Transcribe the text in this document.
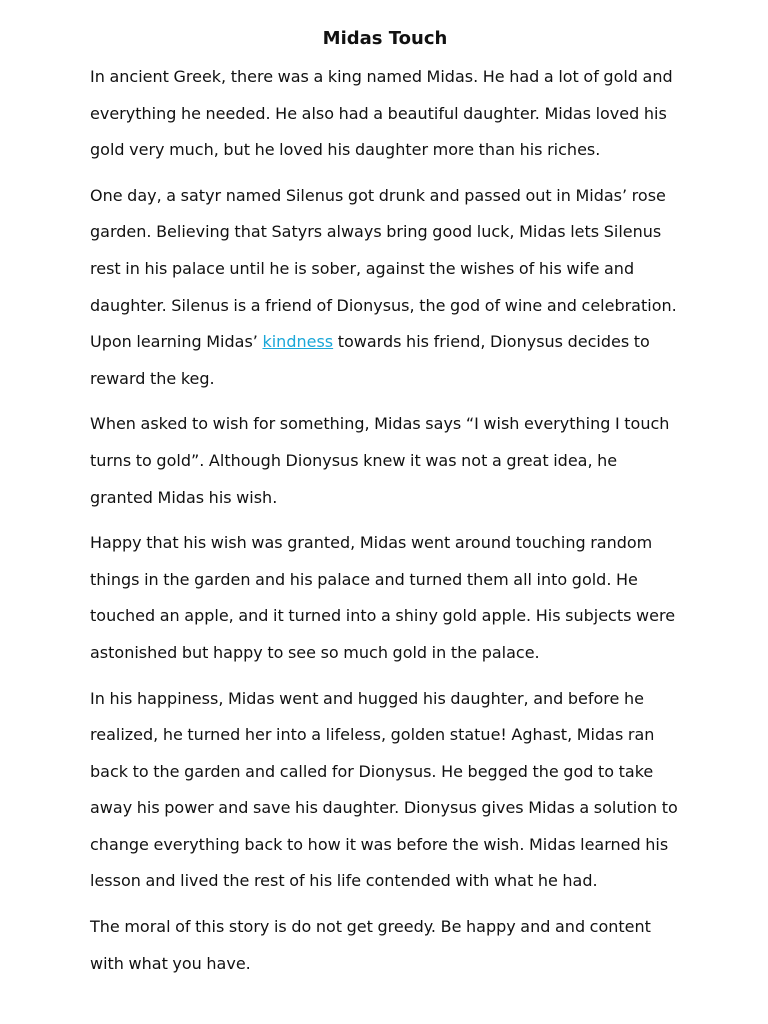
Midas Touch

In ancient Greek, there was a king named Midas. He had a lot of gold and everything he needed. He also had a beautiful daughter. Midas loved his gold very much, but he loved his daughter more than his riches.

One day, a satyr named Silenus got drunk and passed out in Midas’ rose garden. Believing that Satyrs always bring good luck, Midas lets Silenus rest in his palace until he is sober, against the wishes of his wife and daughter. Silenus is a friend of Dionysus, the god of wine and celebration. Upon learning Midas’ kindness towards his friend, Dionysus decides to reward the keg.

When asked to wish for something, Midas says “I wish everything I touch turns to gold”. Although Dionysus knew it was not a great idea, he granted Midas his wish.

Happy that his wish was granted, Midas went around touching random things in the garden and his palace and turned them all into gold. He touched an apple, and it turned into a shiny gold apple. His subjects were astonished but happy to see so much gold in the palace.

In his happiness, Midas went and hugged his daughter, and before he realized, he turned her into a lifeless, golden statue! Aghast, Midas ran back to the garden and called for Dionysus. He begged the god to take away his power and save his daughter. Dionysus gives Midas a solution to change everything back to how it was before the wish. Midas learned his lesson and lived the rest of his life contended with what he had.

The moral of this story is do not get greedy. Be happy and and content with what you have.
